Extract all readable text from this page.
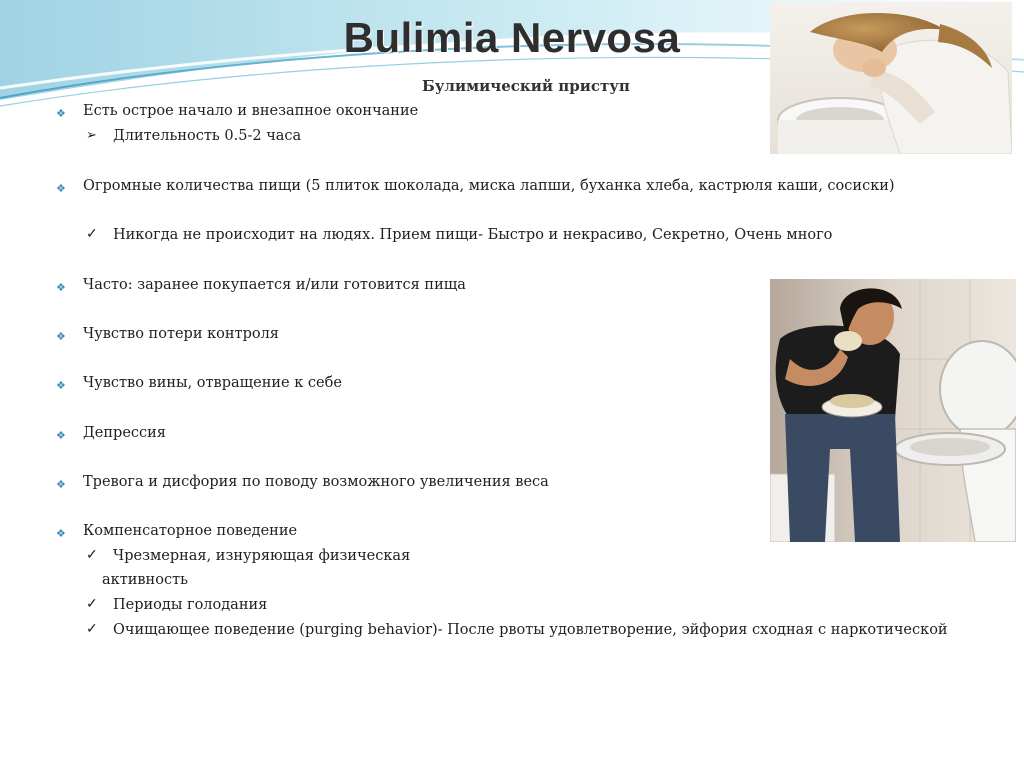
Bulimia Nervosa
Булимический приступ
❖ Есть острое начало и внезапное окончание
➢ Длительность 0.5-2 часа
❖ Огромные количества пищи (5 плиток шоколада, миска лапши, буханка хлеба, кастрюля каши, сосиски)
✓ Никогда не происходит на людях. Прием пищи- Быстро и некрасиво, Секретно, Очень много
❖ Часто: заранее покупается и/или готовится пища
❖ Чувство потери контроля
❖ Чувство вины, отвращение к себе
❖ Депрессия
❖ Тревога и дисфория по поводу возможного увеличения веса
❖ Компенсаторное поведение
✓ Чрезмерная, изнуряющая физическая
активность
✓ Периоды голодания
✓ Очищающее поведение (purging behavior)- После рвоты удовлетворение, эйфория сходная с наркотической
